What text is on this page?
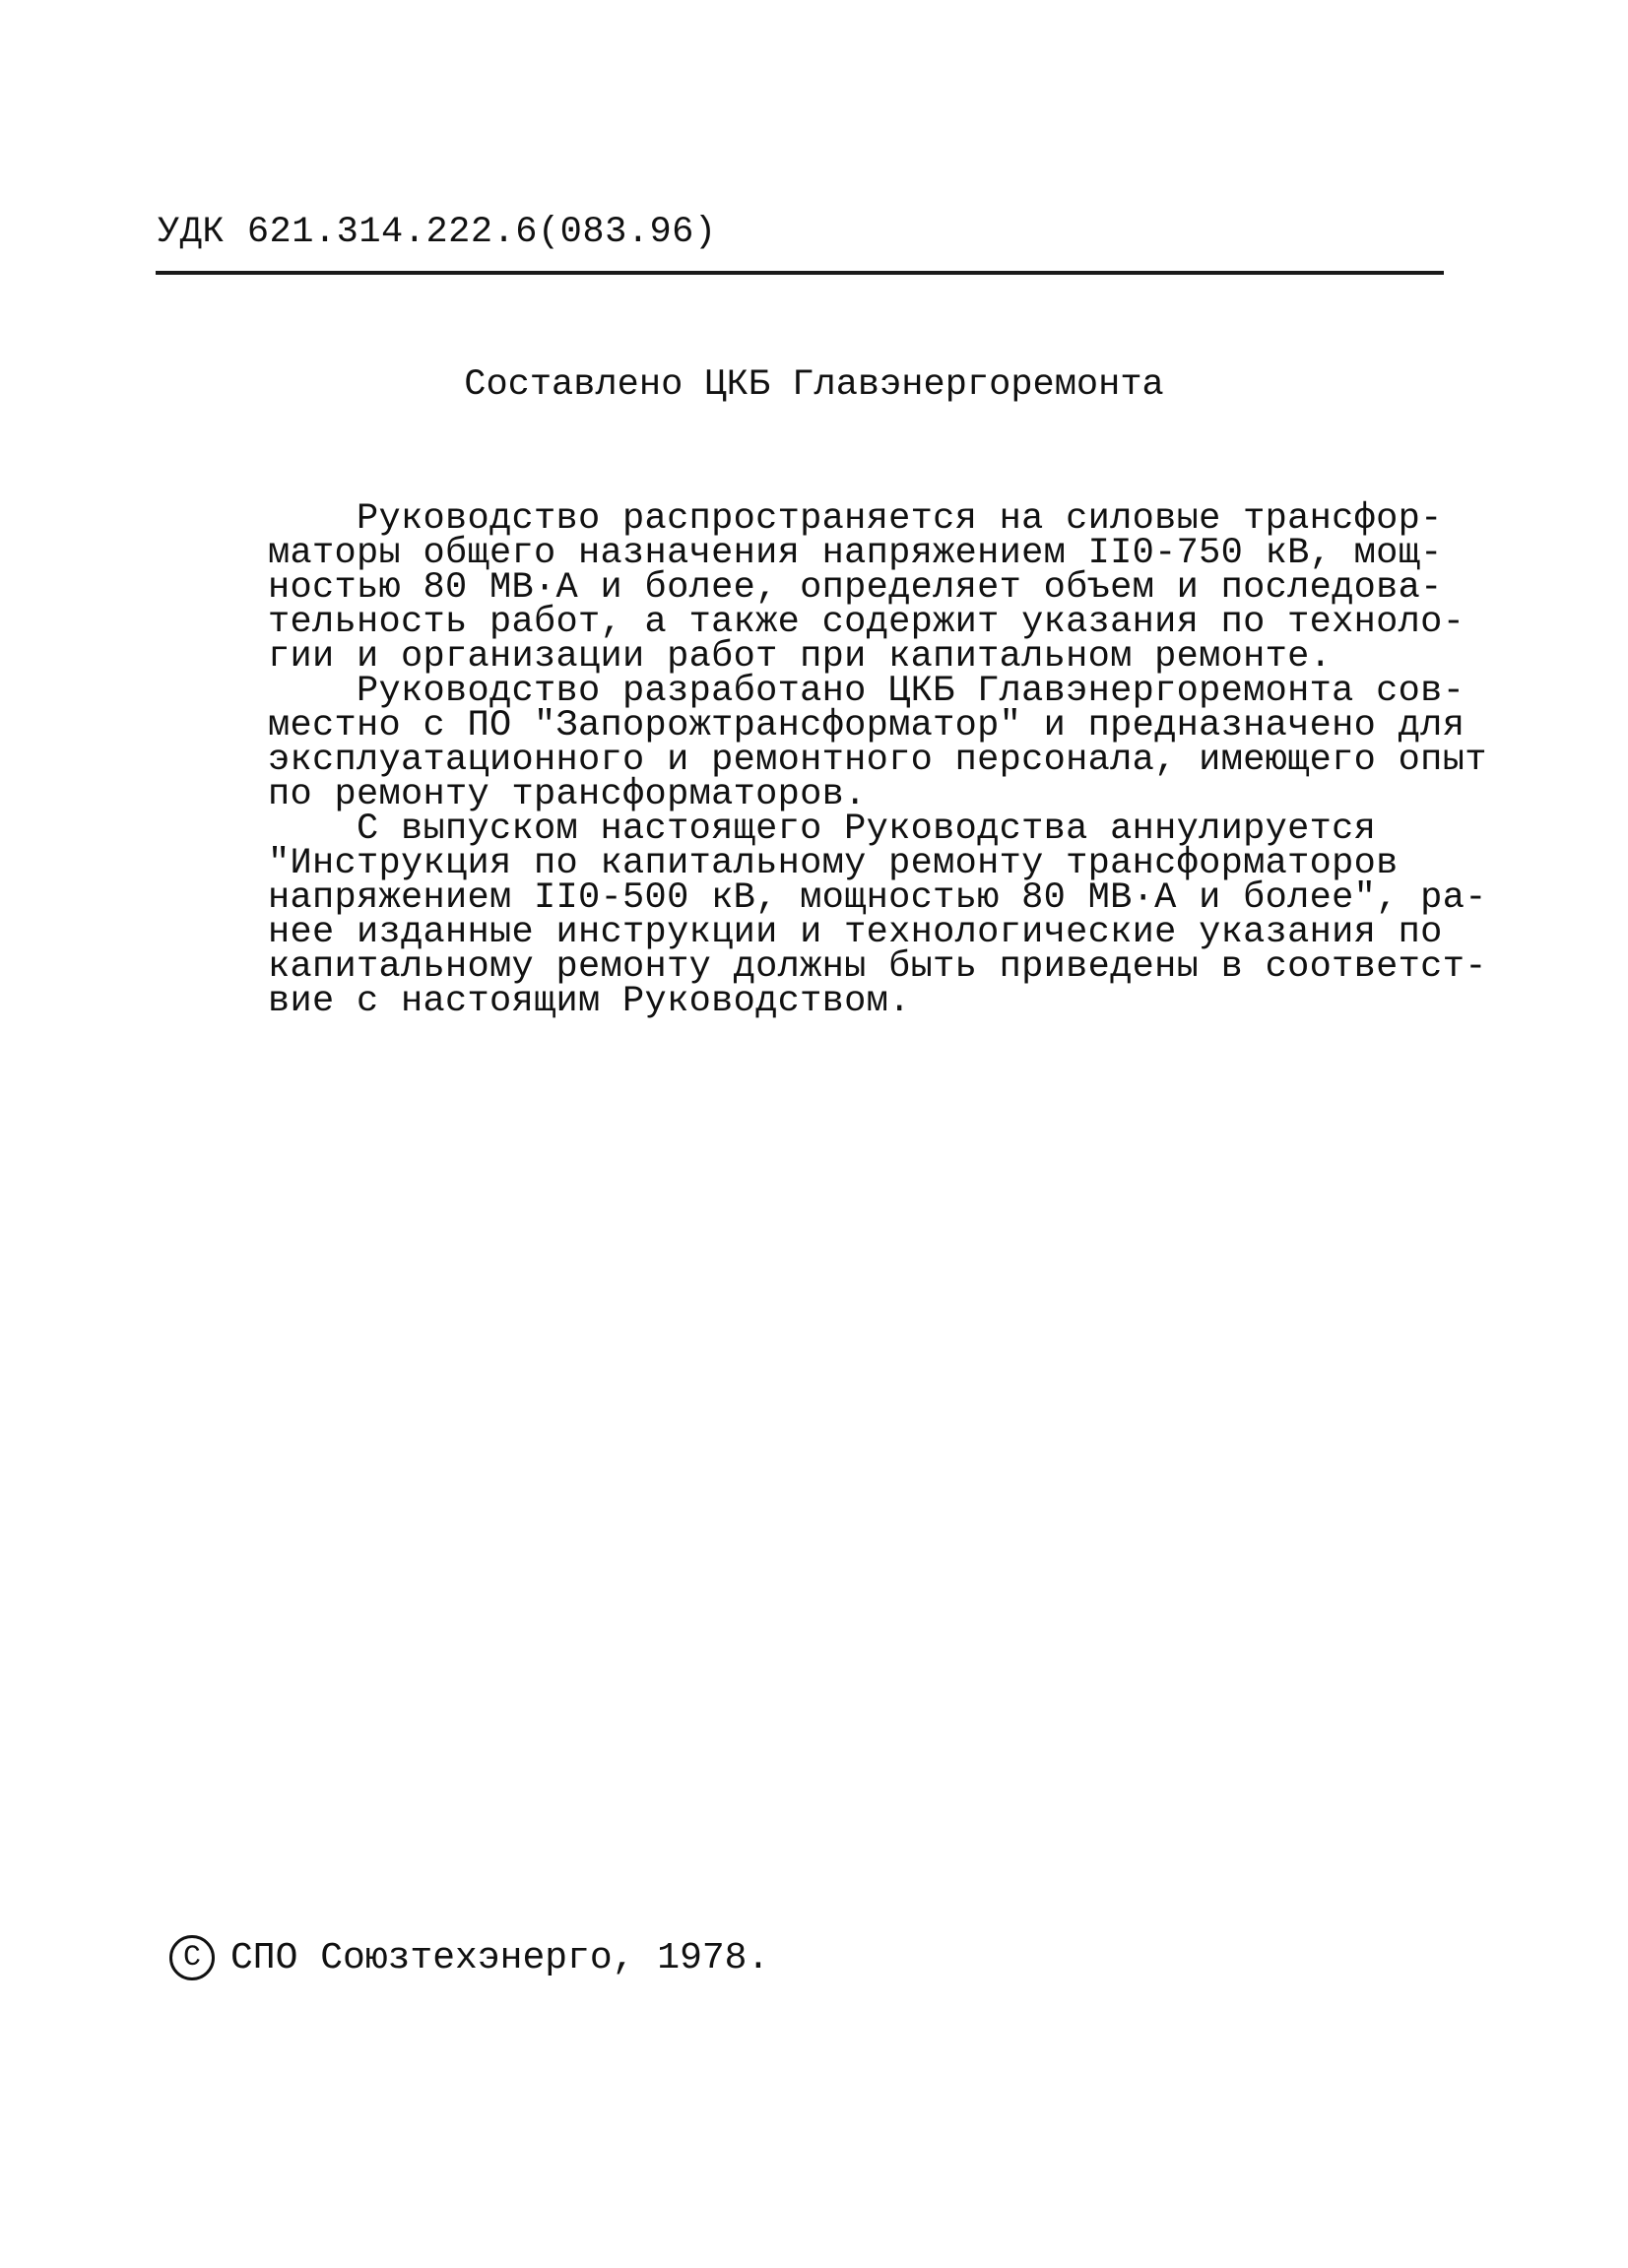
УДК 621.314.222.6(083.96)
Составлено ЦКБ Главэнергоремонта
Руководство распространяется на силовые трансфор-
маторы общего назначения напряжением II0-750 кВ, мощ-
ностью 80 МВ·А и более, определяет объем и последова-
тельность работ, а также содержит указания по техноло-
гии и организации работ при капитальном ремонте.
Руководство разработано ЦКБ Главэнергоремонта сов-
местно с ПО "Запорожтрансформатор" и предназначено для
эксплуатационного и ремонтного персонала, имеющего опыт
по ремонту трансформаторов.
С выпуском настоящего Руководства аннулируется
"Инструкция по капитальному ремонту трансформаторов
напряжением II0-500 кВ, мощностью 80 МВ·А и более", ра-
нее изданные инструкции и технологические указания по
капитальному ремонту должны быть приведены в соответст-
вие с настоящим Руководством.
С СПО Союзтехэнерго, 1978.
